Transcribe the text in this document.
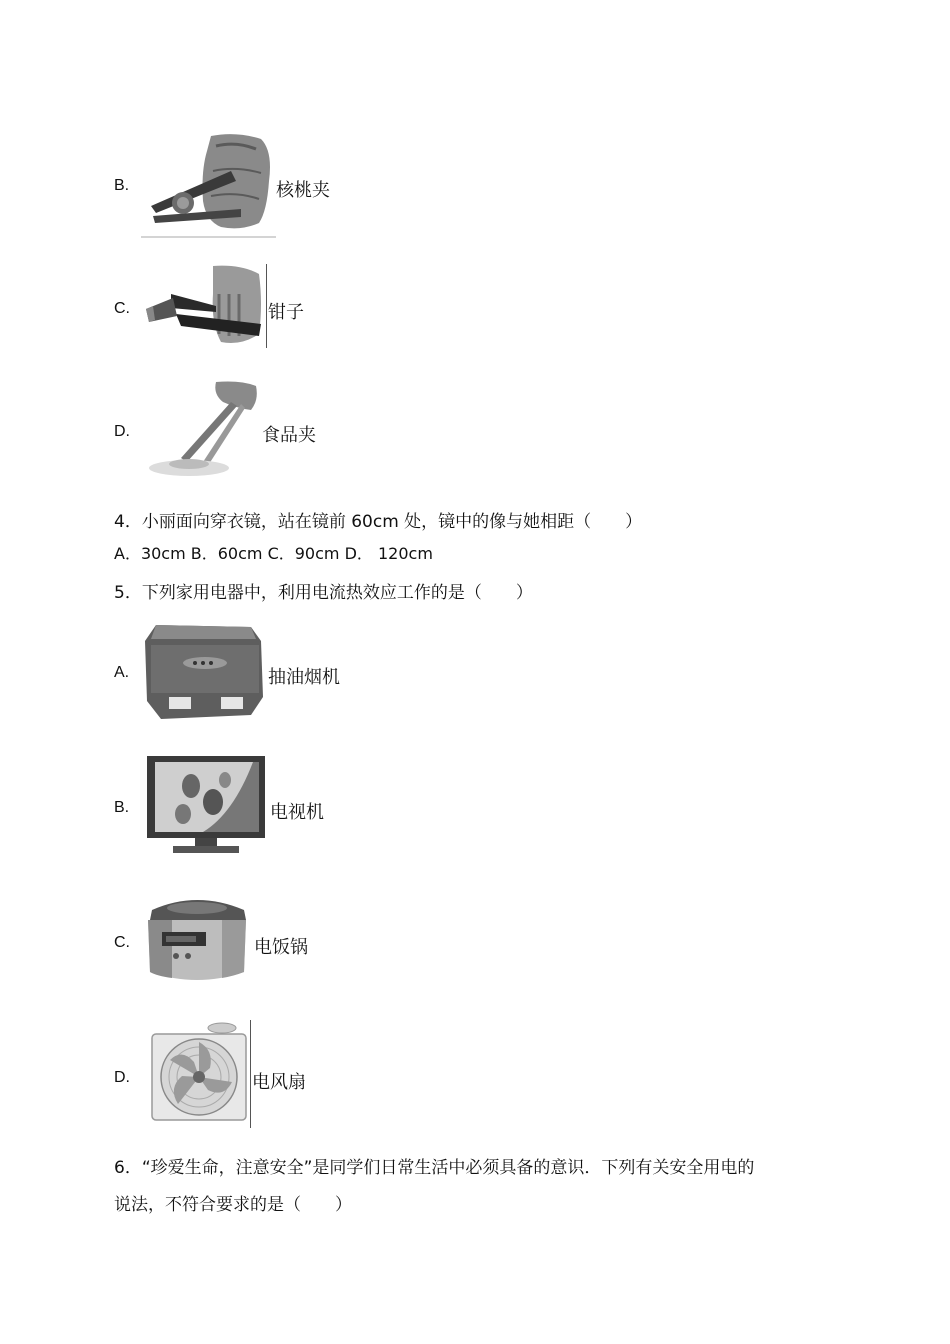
B.	核桃夹
C.	钳子
D.	食品夹
4．小丽面向穿衣镜，站在镜前 60cm 处，镜中的像与她相距（　　）
A．30cm B．60cm C．90cm D． 120cm
5．下列家用电器中，利用电流热效应工作的是（　　）
A.	抽油烟机
B.	电视机
C.	电饭锅
D.	电风扇
6．“珍爱生命，注意安全”是同学们日常生活中必须具备的意识．下列有关安全用电的
说法，不符合要求的是（　　）
